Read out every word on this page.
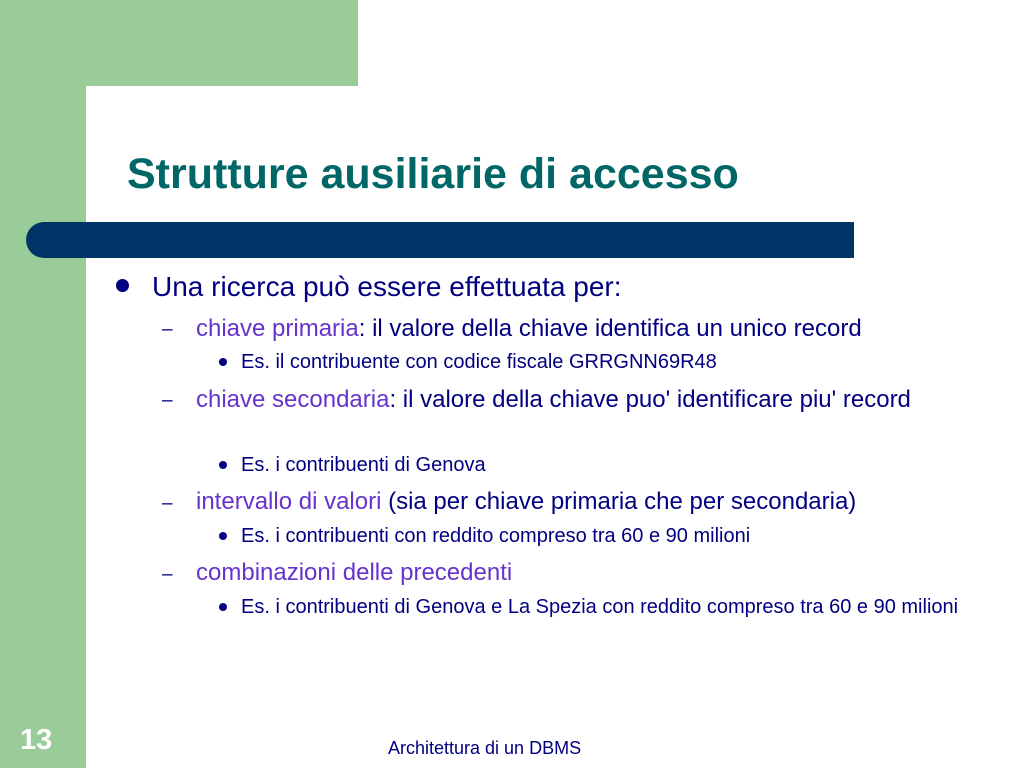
Strutture ausiliarie di accesso
Una ricerca può essere effettuata per:
– chiave primaria: il valore della chiave identifica un unico record
Es. il contribuente con codice fiscale GRRGNN69R48
– chiave secondaria: il valore della chiave puo' identificare piu' record
Es. i contribuenti di Genova
– intervallo di valori (sia per chiave primaria che per secondaria)
Es. i contribuenti con reddito compreso tra 60 e 90 milioni
– combinazioni delle precedenti
Es. i contribuenti di Genova e La Spezia con reddito compreso tra 60 e 90 milioni
13	Architettura di un DBMS
